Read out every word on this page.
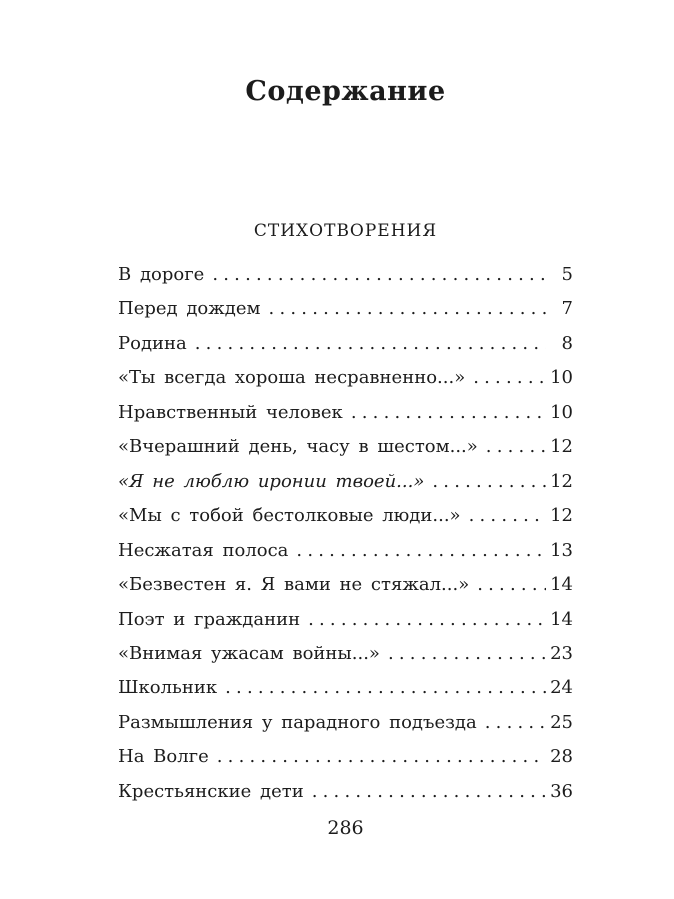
Содержание
СТИХОТВОРЕНИЯ
В дороге .....	5
Перед дождем .....	7
Родина .....	8
«Ты всегда хороша несравненно...» .....	10
Нравственный человек .....	10
«Вчерашний день, часу в шестом...» .....	12
«Я не люблю иронии твоей...» .....	12
«Мы с тобой бестолковые люди...» .....	12
Несжатая полоса .....	13
«Безвестен я. Я вами не стяжал...» .....	14
Поэт и гражданин .....	14
«Внимая ужасам войны...» .....	23
Школьник .....	24
Размышления у парадного подъезда .....	25
На Волге .....	28
Крестьянские дети .....	36
286
